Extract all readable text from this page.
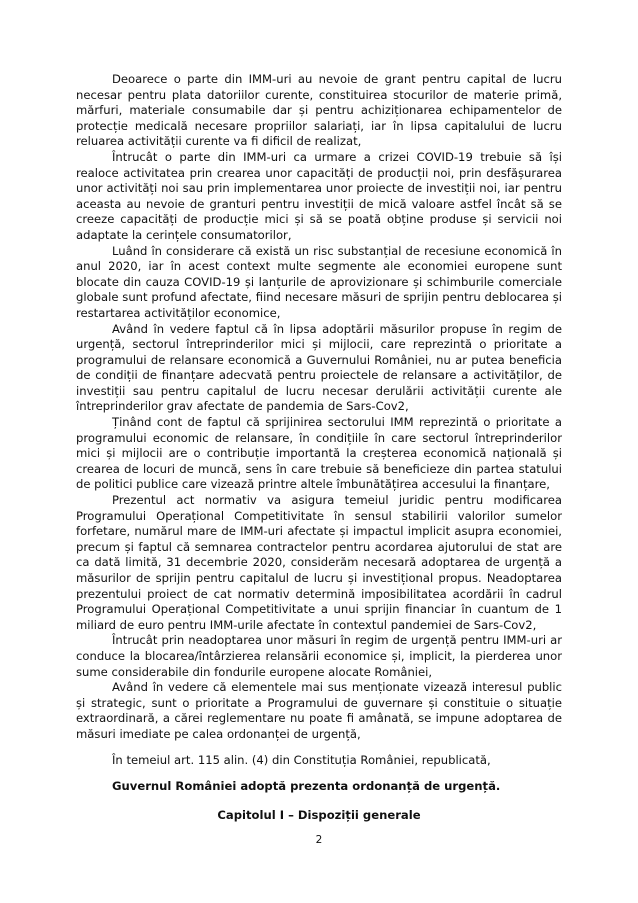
Deoarece o parte din IMM-uri au nevoie de grant pentru capital de lucru necesar pentru plata datoriilor curente, constituirea stocurilor de materie primă, mărfuri, materiale consumabile dar și pentru achiziționarea echipamentelor de protecție medicală necesare propriilor salariați, iar în lipsa capitalului de lucru reluarea activității curente va fi dificil de realizat,

Întrucât o parte din IMM-uri ca urmare a crizei COVID-19 trebuie să își realoce activitatea prin crearea unor capacități de producții noi, prin desfășurarea unor activități noi sau prin implementarea unor proiecte de investiții noi, iar pentru aceasta au nevoie de granturi pentru investiții de mică valoare astfel încât să se creeze capacități de producție mici și să se poată obține produse și servicii noi adaptate la cerințele consumatorilor,

Luând în considerare că există un risc substanțial de recesiune economică în anul 2020, iar în acest context multe segmente ale economiei europene sunt blocate din cauza COVID-19 și lanțurile de aprovizionare și schimburile comerciale globale sunt profund afectate, fiind necesare măsuri de sprijin pentru deblocarea și restartarea activităților economice,

Având în vedere faptul că în lipsa adoptării măsurilor propuse în regim de urgență, sectorul întreprinderilor mici și mijlocii, care reprezintă o prioritate a programului de relansare economică a Guvernului României, nu ar putea beneficia de condiții de finanțare adecvată pentru proiectele de relansare a activităților, de investiții sau pentru capitalul de lucru necesar derulării activității curente ale întreprinderilor grav afectate de pandemia de Sars-Cov2,

Ținând cont de faptul că sprijinirea sectorului IMM reprezintă o prioritate a programului economic de relansare, în condițiile în care sectorul întreprinderilor mici și mijlocii are o contribuție importantă la creșterea economică națională și crearea de locuri de muncă, sens în care trebuie să beneficieze din partea statului de politici publice care vizează printre altele îmbunătățirea accesului la finanțare,

Prezentul act normativ va asigura temeiul juridic pentru modificarea Programului Operațional Competitivitate în sensul stabilirii valorilor sumelor forfetare, numărul mare de IMM-uri afectate și impactul implicit asupra economiei, precum și faptul că semnarea contractelor pentru acordarea ajutorului de stat are ca dată limită, 31 decembrie 2020, considerăm necesară adoptarea de urgență a măsurilor de sprijin pentru capitalul de lucru și investițional propus. Neadoptarea prezentului proiect de cat normativ determină imposibilitatea acordării în cadrul Programului Operațional Competitivitate a unui sprijin financiar în cuantum de 1 miliard de euro pentru IMM-urile afectate în contextul pandemiei de Sars-Cov2,

Întrucât prin neadoptarea unor măsuri în regim de urgență pentru IMM-uri ar conduce la blocarea/întârzierea relansării economice și, implicit, la pierderea unor sume considerabile din fondurile europene alocate României,

Având în vedere că elementele mai sus menționate vizează interesul public și strategic, sunt o prioritate a Programului de guvernare și constituie o situație extraordinară, a cărei reglementare nu poate fi amânată, se impune adoptarea de măsuri imediate pe calea ordonanței de urgență,

În temeiul art. 115 alin. (4) din Constituția României, republicată,

Guvernul României adoptă prezenta ordonanță de urgență.

Capitolul I – Dispoziții generale

2
